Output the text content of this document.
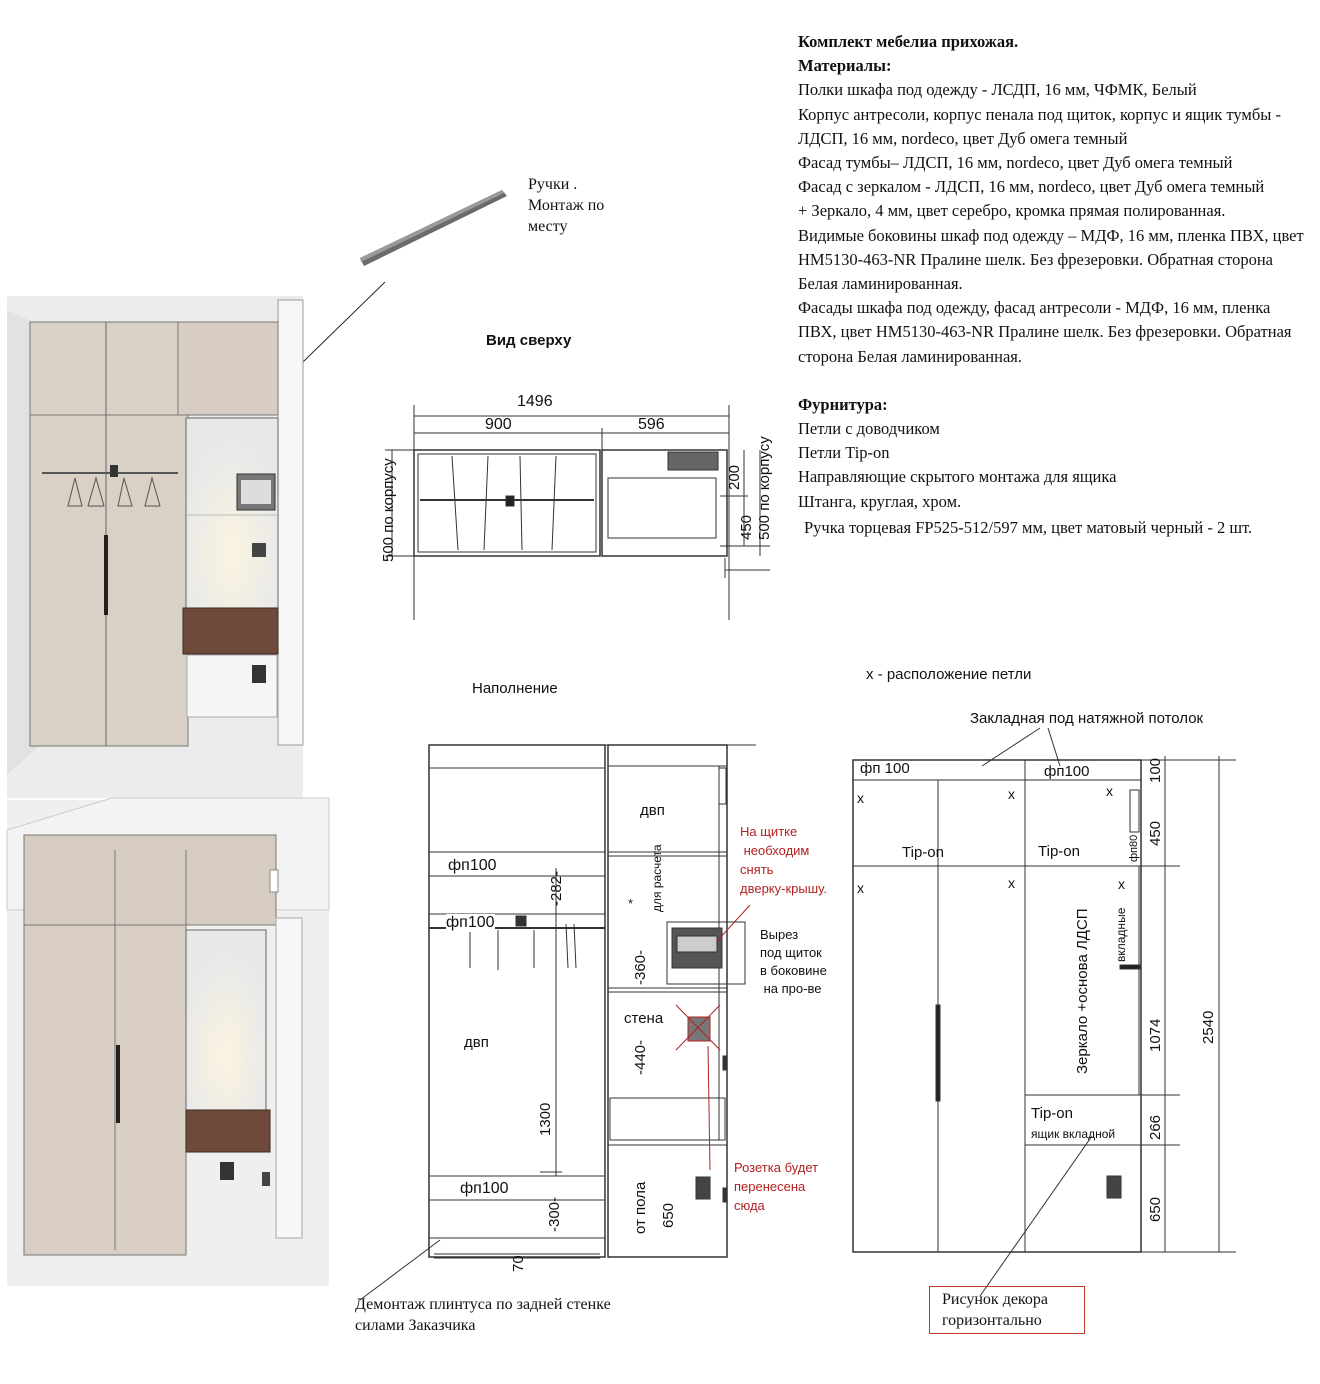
Комплект мебелиа прихожая.

Материалы:

Полки шкафа под одежду - ЛСДП, 16 мм, ЧФМК, Белый

Корпус антресоли, корпус пенала под щиток, корпус и ящик тумбы - ЛДСП, 16 мм, nordeco, цвет Дуб омега темный

Фасад тумбы– ЛДСП, 16 мм, nordeco, цвет Дуб омега темный

Фасад с зеркалом - ЛДСП, 16 мм, nordeco, цвет Дуб омега темный

+ Зеркало, 4 мм, цвет серебро, кромка прямая полированная.

Видимые боковины шкаф под одежду – МДФ, 16 мм, пленка ПВХ, цвет НМ5130-463-NR Пралине шелк. Без фрезеровки. Обратная сторона Белая ламинированная.

Фасады шкафа под одежду, фасад антресоли - МДФ, 16 мм, пленка ПВХ, цвет НМ5130-463-NR Пралине шелк. Без фрезеровки. Обратная сторона Белая ламинированная.

Фурнитура:

Петли с доводчиком

Петли Tip-on

Направляющие скрытого монтажа для ящика

Штанга, круглая, хром.

Ручка торцевая FP525-512/597 мм, цвет матовый черный - 2 шт.

Ручки .
Монтаж по
месту
Вид сверху
1496
900	596
500 по корпусу	500 по корпусу
200
450
Наполнение
двп
фп100
фп100
фп100
двп
-282-
-360-
-440-
1300
-300-
70
для расчета
*
стена
от пола 650
На щитке
необходим
снять
дверку-крышу.
Вырез
под щиток
в боковине
на про-ве
Розетка будет
перенесена
сюда
Демонтаж плинтуса по задней стенке
силами Заказчика
x - расположение петли
Закладная под натяжной потолок
фп 100	фп100
Tip-on	Tip-on
Tip-on
ящик вкладной
Зеркало +основа ЛДСП вкладные
фп80
x	x	x
x	x	x
100
450
1074
266
650
2540
Рисунок декора
горизонтально
